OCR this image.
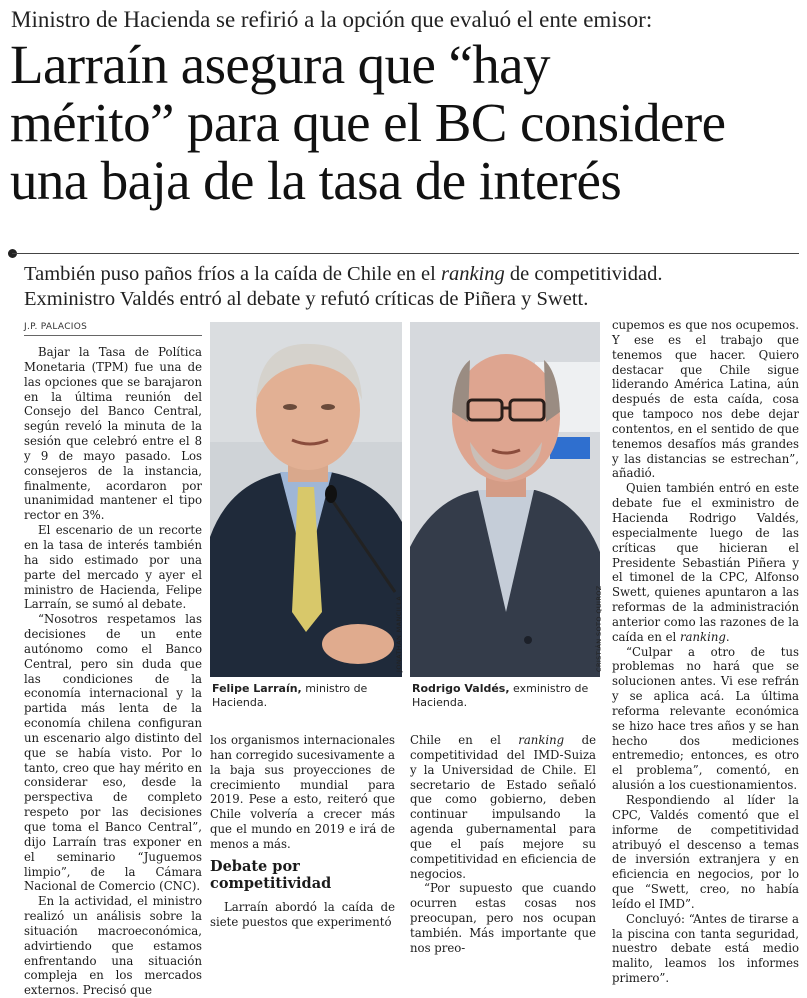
Ministro de Hacienda se refirió a la opción que evaluó el ente emisor:
Larraín asegura que “hay
mérito” para que el BC considere
una baja de la tasa de interés

También puso paños fríos a la caída de Chile en el ranking de competitividad.

Exministro Valdés entró al debate y refutó críticas de Piñera y Swett.

J.P. PALACIOS

Bajar la Tasa de Política Monetaria (TPM) fue una de las opciones que se barajaron en la última reunión del Consejo del Banco Central, según reveló la minuta de la sesión que celebró entre el 8 y 9 de mayo pasado. Los consejeros de la instancia, finalmente, acordaron por unanimidad mantener el tipo rector en 3%.

El escenario de un recorte en la tasa de interés también ha sido estimado por una parte del mercado y ayer el ministro de Hacienda, Felipe Larraín, se sumó al debate.

“Nosotros respetamos las decisiones de un ente autónomo como el Banco Central, pero sin duda que las condiciones de la economía internacional y la partida más lenta de la economía chilena configuran un escenario algo distinto del que se había visto. Por lo tanto, creo que hay mérito en considerar eso, desde la perspectiva de completo respeto por las decisiones que toma el Banco Central”, dijo Larraín tras exponer en el seminario “Juguemos limpio”, de la Cámara Nacional de Comercio (CNC).

En la actividad, el ministro realizó un análisis sobre la situación macroeconómica, advirtiendo que estamos enfrentando una situación compleja en los mercados externos. Precisó que

JONATHAN MANCILLA
Felipe Larraín, ministro de Hacienda.
CRISTIÁN SOTO QUIROZ
Rodrigo Valdés, exministro de Hacienda.

los organismos internacionales han corregido sucesivamente a la baja sus proyecciones de crecimiento mundial para 2019. Pese a esto, reiteró que Chile volvería a crecer más que el mundo en 2019 e irá de menos a más.

Debate por competitividad

Larraín abordó la caída de siete puestos que experimentó

Chile en el ranking de competitividad del IMD-Suiza y la Universidad de Chile. El secretario de Estado señaló que como gobierno, deben continuar impulsando la agenda gubernamental para que el país mejore su competitividad en eficiencia de negocios.

“Por supuesto que cuando ocurren estas cosas nos preocupan, pero nos ocupan también. Más importante que nos preo-

cupemos es que nos ocupemos. Y ese es el trabajo que tenemos que hacer. Quiero destacar que Chile sigue liderando América Latina, aún después de esta caída, cosa que tampoco nos debe dejar contentos, en el sentido de que tenemos desafíos más grandes y las distancias se estrechan”, añadió.

Quien también entró en este debate fue el exministro de Hacienda Rodrigo Valdés, especialmente luego de las críticas que hicieran el Presidente Sebastián Piñera y el timonel de la CPC, Alfonso Swett, quienes apuntaron a las reformas de la administración anterior como las razones de la caída en el ranking.

“Culpar a otro de tus problemas no hará que se solucionen antes. Vi ese refrán y se aplica acá. La última reforma relevante económica se hizo hace tres años y se han hecho dos mediciones entremedio; entonces, es otro el problema”, comentó, en alusión a los cuestionamientos.

Respondiendo al líder la CPC, Valdés comentó que el informe de competitividad atribuyó el descenso a temas de inversión extranjera y en eficiencia en negocios, por lo que “Swett, creo, no había leído el IMD”.

Concluyó: “Antes de tirarse a la piscina con tanta seguridad, nuestro debate está medio malito, leamos los informes primero”.
